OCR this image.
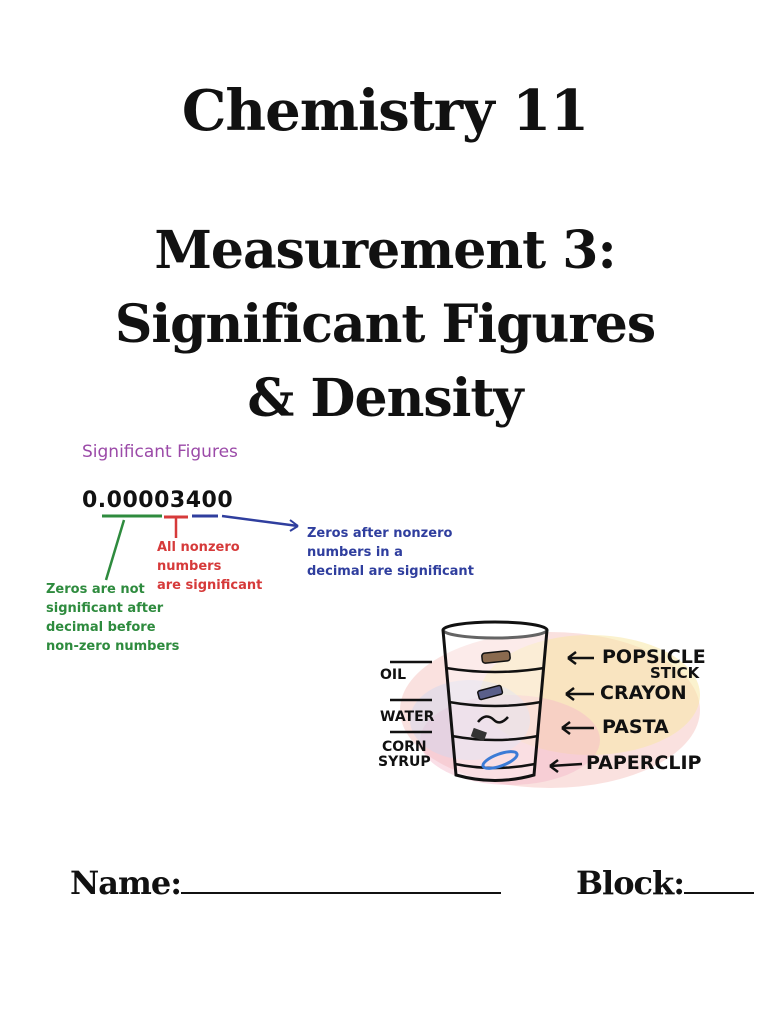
Chemistry 11
Measurement 3:
Significant Figures
& Density
Significant Figures
0.00003400
Zeros are not
significant after
decimal before
non-zero numbers
All nonzero
numbers
are significant
Zeros after nonzero
numbers in a
decimal are significant
OIL
WATER
CORN
SYRUP
POPSICLE
STICK
CRAYON
PASTA
PAPERCLIP
Name:	Block:
